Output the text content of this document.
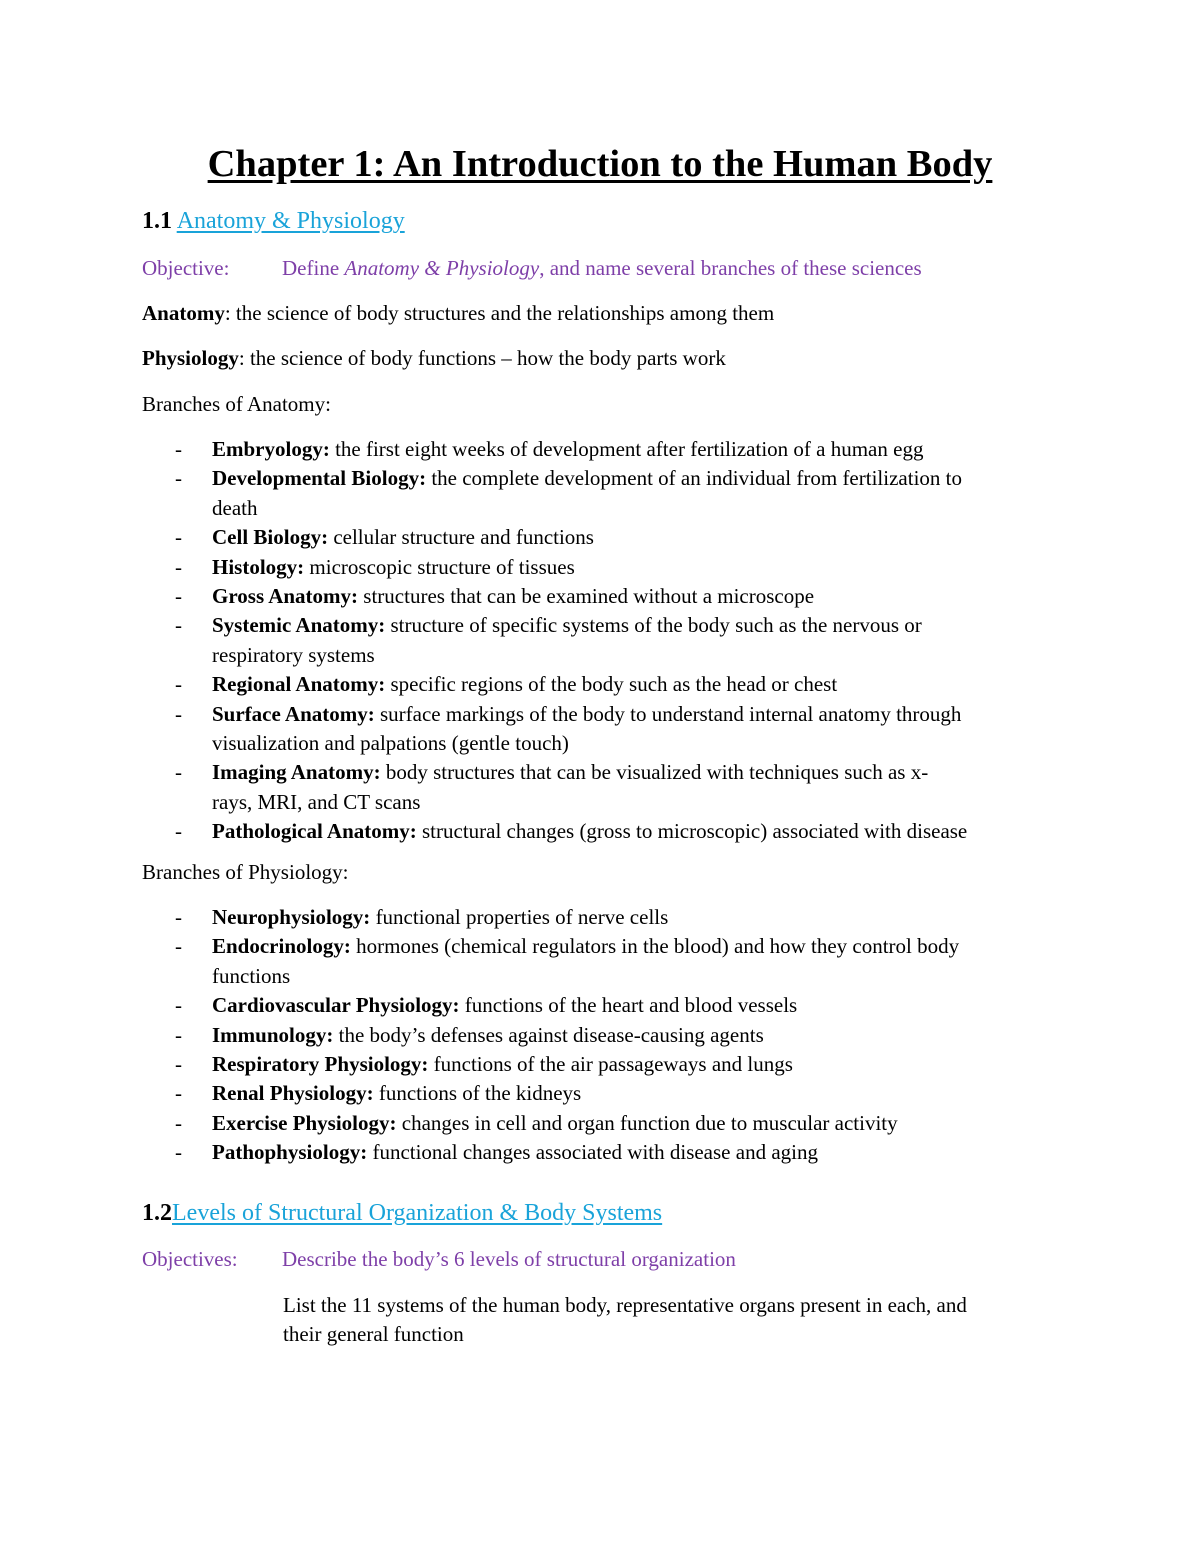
Chapter 1: An Introduction to the Human Body
1.1 Anatomy & Physiology
Objective:	Define Anatomy & Physiology, and name several branches of these sciences
Anatomy: the science of body structures and the relationships among them
Physiology: the science of body functions – how the body parts work
Branches of Anatomy:
- Embryology: the first eight weeks of development after fertilization of a human egg
- Developmental Biology: the complete development of an individual from fertilization to
death
- Cell Biology: cellular structure and functions
- Histology: microscopic structure of tissues
- Gross Anatomy: structures that can be examined without a microscope
- Systemic Anatomy: structure of specific systems of the body such as the nervous or
respiratory systems
- Regional Anatomy: specific regions of the body such as the head or chest
- Surface Anatomy: surface markings of the body to understand internal anatomy through
visualization and palpations (gentle touch)
- Imaging Anatomy: body structures that can be visualized with techniques such as x-
rays, MRI, and CT scans
- Pathological Anatomy: structural changes (gross to microscopic) associated with disease
Branches of Physiology:
- Neurophysiology: functional properties of nerve cells
- Endocrinology: hormones (chemical regulators in the blood) and how they control body
functions
- Cardiovascular Physiology: functions of the heart and blood vessels
- Immunology: the body’s defenses against disease-causing agents
- Respiratory Physiology: functions of the air passageways and lungs
- Renal Physiology: functions of the kidneys
- Exercise Physiology: changes in cell and organ function due to muscular activity
- Pathophysiology: functional changes associated with disease and aging
1.2Levels of Structural Organization & Body Systems
Objectives: Describe the body’s 6 levels of structural organization
List the 11 systems of the human body, representative organs present in each, and
their general function
